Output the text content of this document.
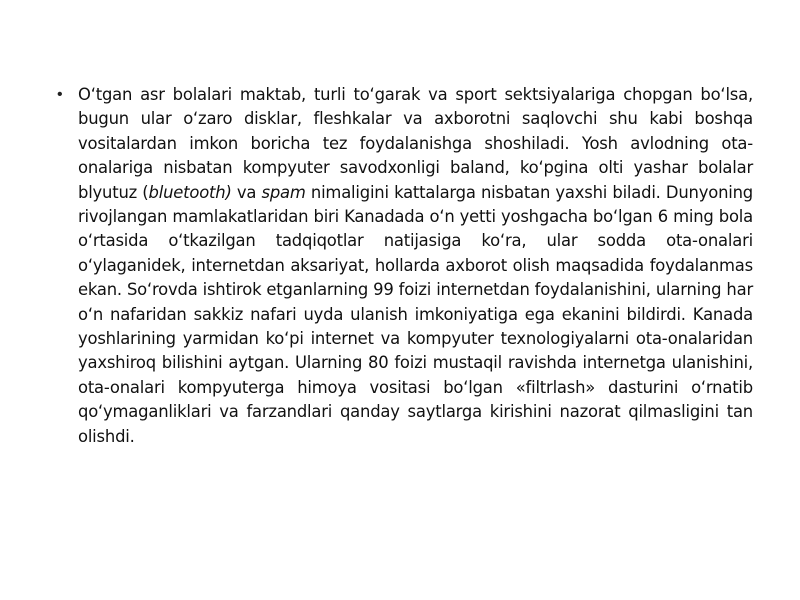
• O‘tgan asr bolalari maktab, turli to‘garak va sport sektsiyalariga chopgan bo‘lsa, bugun ular o‘zaro disklar, fleshkalar va axborotni saqlovchi shu kabi boshqa vositalardan imkon boricha tez foydalanishga shoshiladi. Yosh avlodning ota-onalariga nisbatan kompyuter savodxonligi baland, ko‘pgina olti yashar bolalar blyutuz (bluetooth) va spam nimaligini kattalarga nisbatan yaxshi biladi. Dunyoning rivojlangan mamlakatlaridan biri Kanadada o‘n yetti yoshgacha bo‘lgan 6 ming bola o‘rtasida o‘tkazilgan tadqiqotlar natijasiga ko‘ra, ular sodda ota-onalari o‘ylaganidek, internetdan aksariyat, hollarda axborot olish maqsadida foydalanmas ekan. So‘rovda ishtirok etganlarning 99 foizi internetdan foydalanishini, ularning har o‘n nafaridan sakkiz nafari uyda ulanish imkoniyatiga ega ekanini bildirdi. Kanada yoshlarining yarmidan ko‘pi internet va kompyuter texnologiyalarni ota-onalaridan yaxshiroq bilishini aytgan. Ularning 80 foizi mustaqil ravishda internetga ulanishini, ota-onalari kompyuterga himoya vositasi bo‘lgan «filtrlash» dasturini o‘rnatib qo‘ymaganliklari va farzandlari qanday saytlarga kirishini nazorat qilmasligini tan olishdi.
